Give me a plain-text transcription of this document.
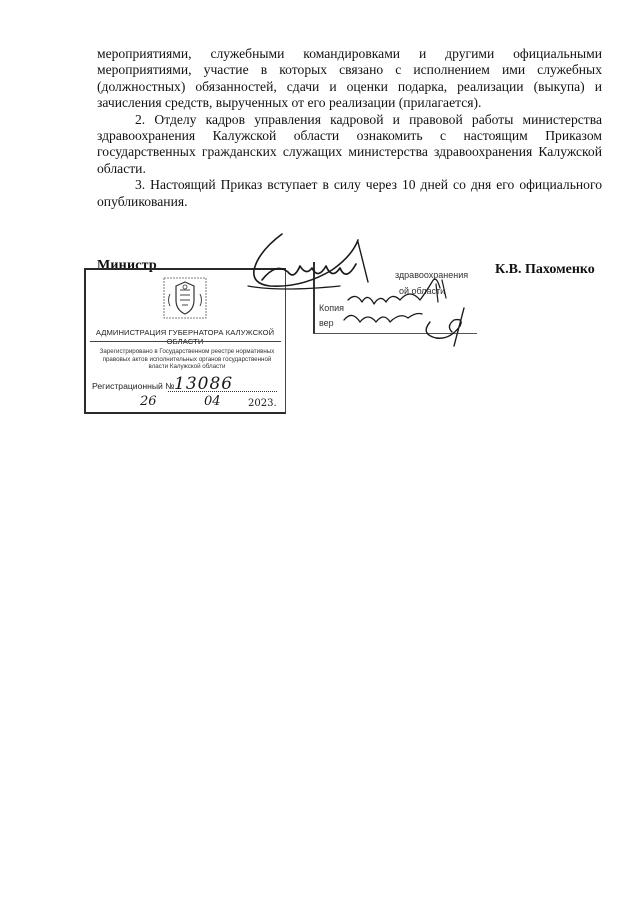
мероприятиями, служебными командировками и другими официальными мероприятиями, участие в которых связано с исполнением ими служебных (должностных) обязанностей, сдачи и оценки подарка, реализации (выкупа) и зачисления средств, вырученных от его реализации (прилагается).

2. Отделу кадров управления кадровой и правовой работы министерства здравоохранения Калужской области ознакомить с настоящим Приказом государственных гражданских служащих министерства здравоохранения Калужской области.

3. Настоящий Приказ вступает в силу через 10 дней со дня его официального опубликования.

Министр	К.В. Пахоменко
АДМИНИСТРАЦИЯ ГУБЕРНАТОРА КАЛУЖСКОЙ ОБЛАСТИ
Зарегистрировано в Государственном реестре нормативных правовых актов исполнительных органов государственной власти Калужской области
Регистрационный № 13086
26	04	2023.
здравоохранения
ой области
Копия
вер
